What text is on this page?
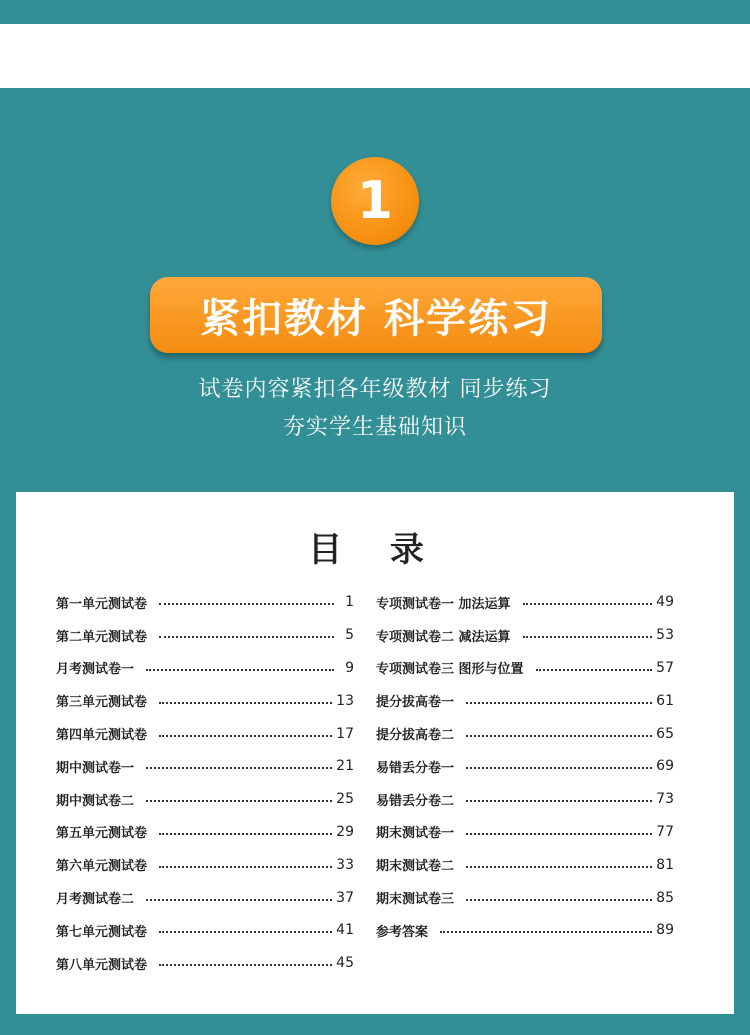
1
紧扣教材 科学练习
试卷内容紧扣各年级教材 同步练习
夯实学生基础知识
目 录
第一单元测试卷	1
第二单元测试卷	5
月考测试卷一	9
第三单元测试卷	13
第四单元测试卷	17
期中测试卷一	21
期中测试卷二	25
第五单元测试卷	29
第六单元测试卷	33
月考测试卷二	37
第七单元测试卷	41
第八单元测试卷	45
专项测试卷一 加法运算	49
专项测试卷二 减法运算	53
专项测试卷三 图形与位置	57
提分拔高卷一	61
提分拔高卷二	65
易错丢分卷一	69
易错丢分卷二	73
期末测试卷一	77
期末测试卷二	81
期末测试卷三	85
参考答案	89
